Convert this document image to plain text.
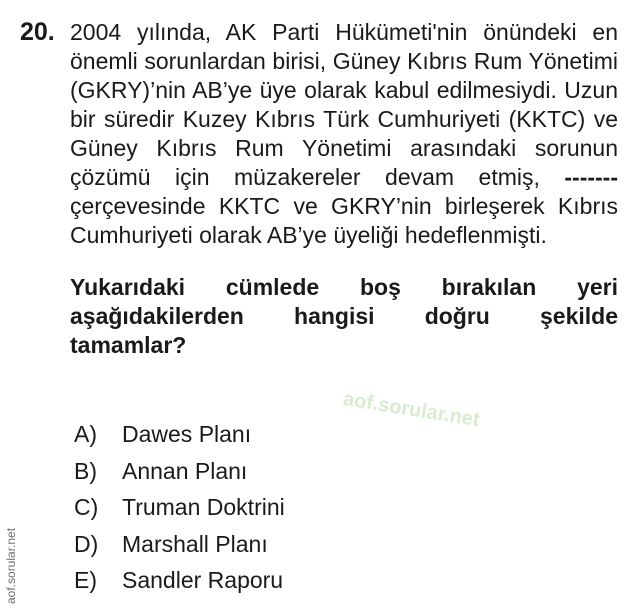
20. 2004 yılında, AK Parti Hükümeti'nin önündeki en önemli sorunlardan birisi, Güney Kıbrıs Rum Yönetimi (GKRY)’nin AB’ye üye olarak kabul edilmesiydi. Uzun bir süredir Kuzey Kıbrıs Türk Cumhuriyeti (KKTC) ve Güney Kıbrıs Rum Yönetimi arasındaki sorunun çözümü için müzakereler devam etmiş, ------- çerçevesinde KKTC ve GKRY’nin birleşerek Kıbrıs Cumhuriyeti olarak AB’ye üyeliği hedeflenmişti.

Yukarıdaki cümlede boş bırakılan yeri
aşağıdakilerden hangisi doğru şekilde
tamamlar?

A)	Dawes Planı
B)	Annan Planı
C)	Truman Doktrini
D)	Marshall Planı
E)	Sandler Raporu
aof.sorular.net
aof.sorular.net
